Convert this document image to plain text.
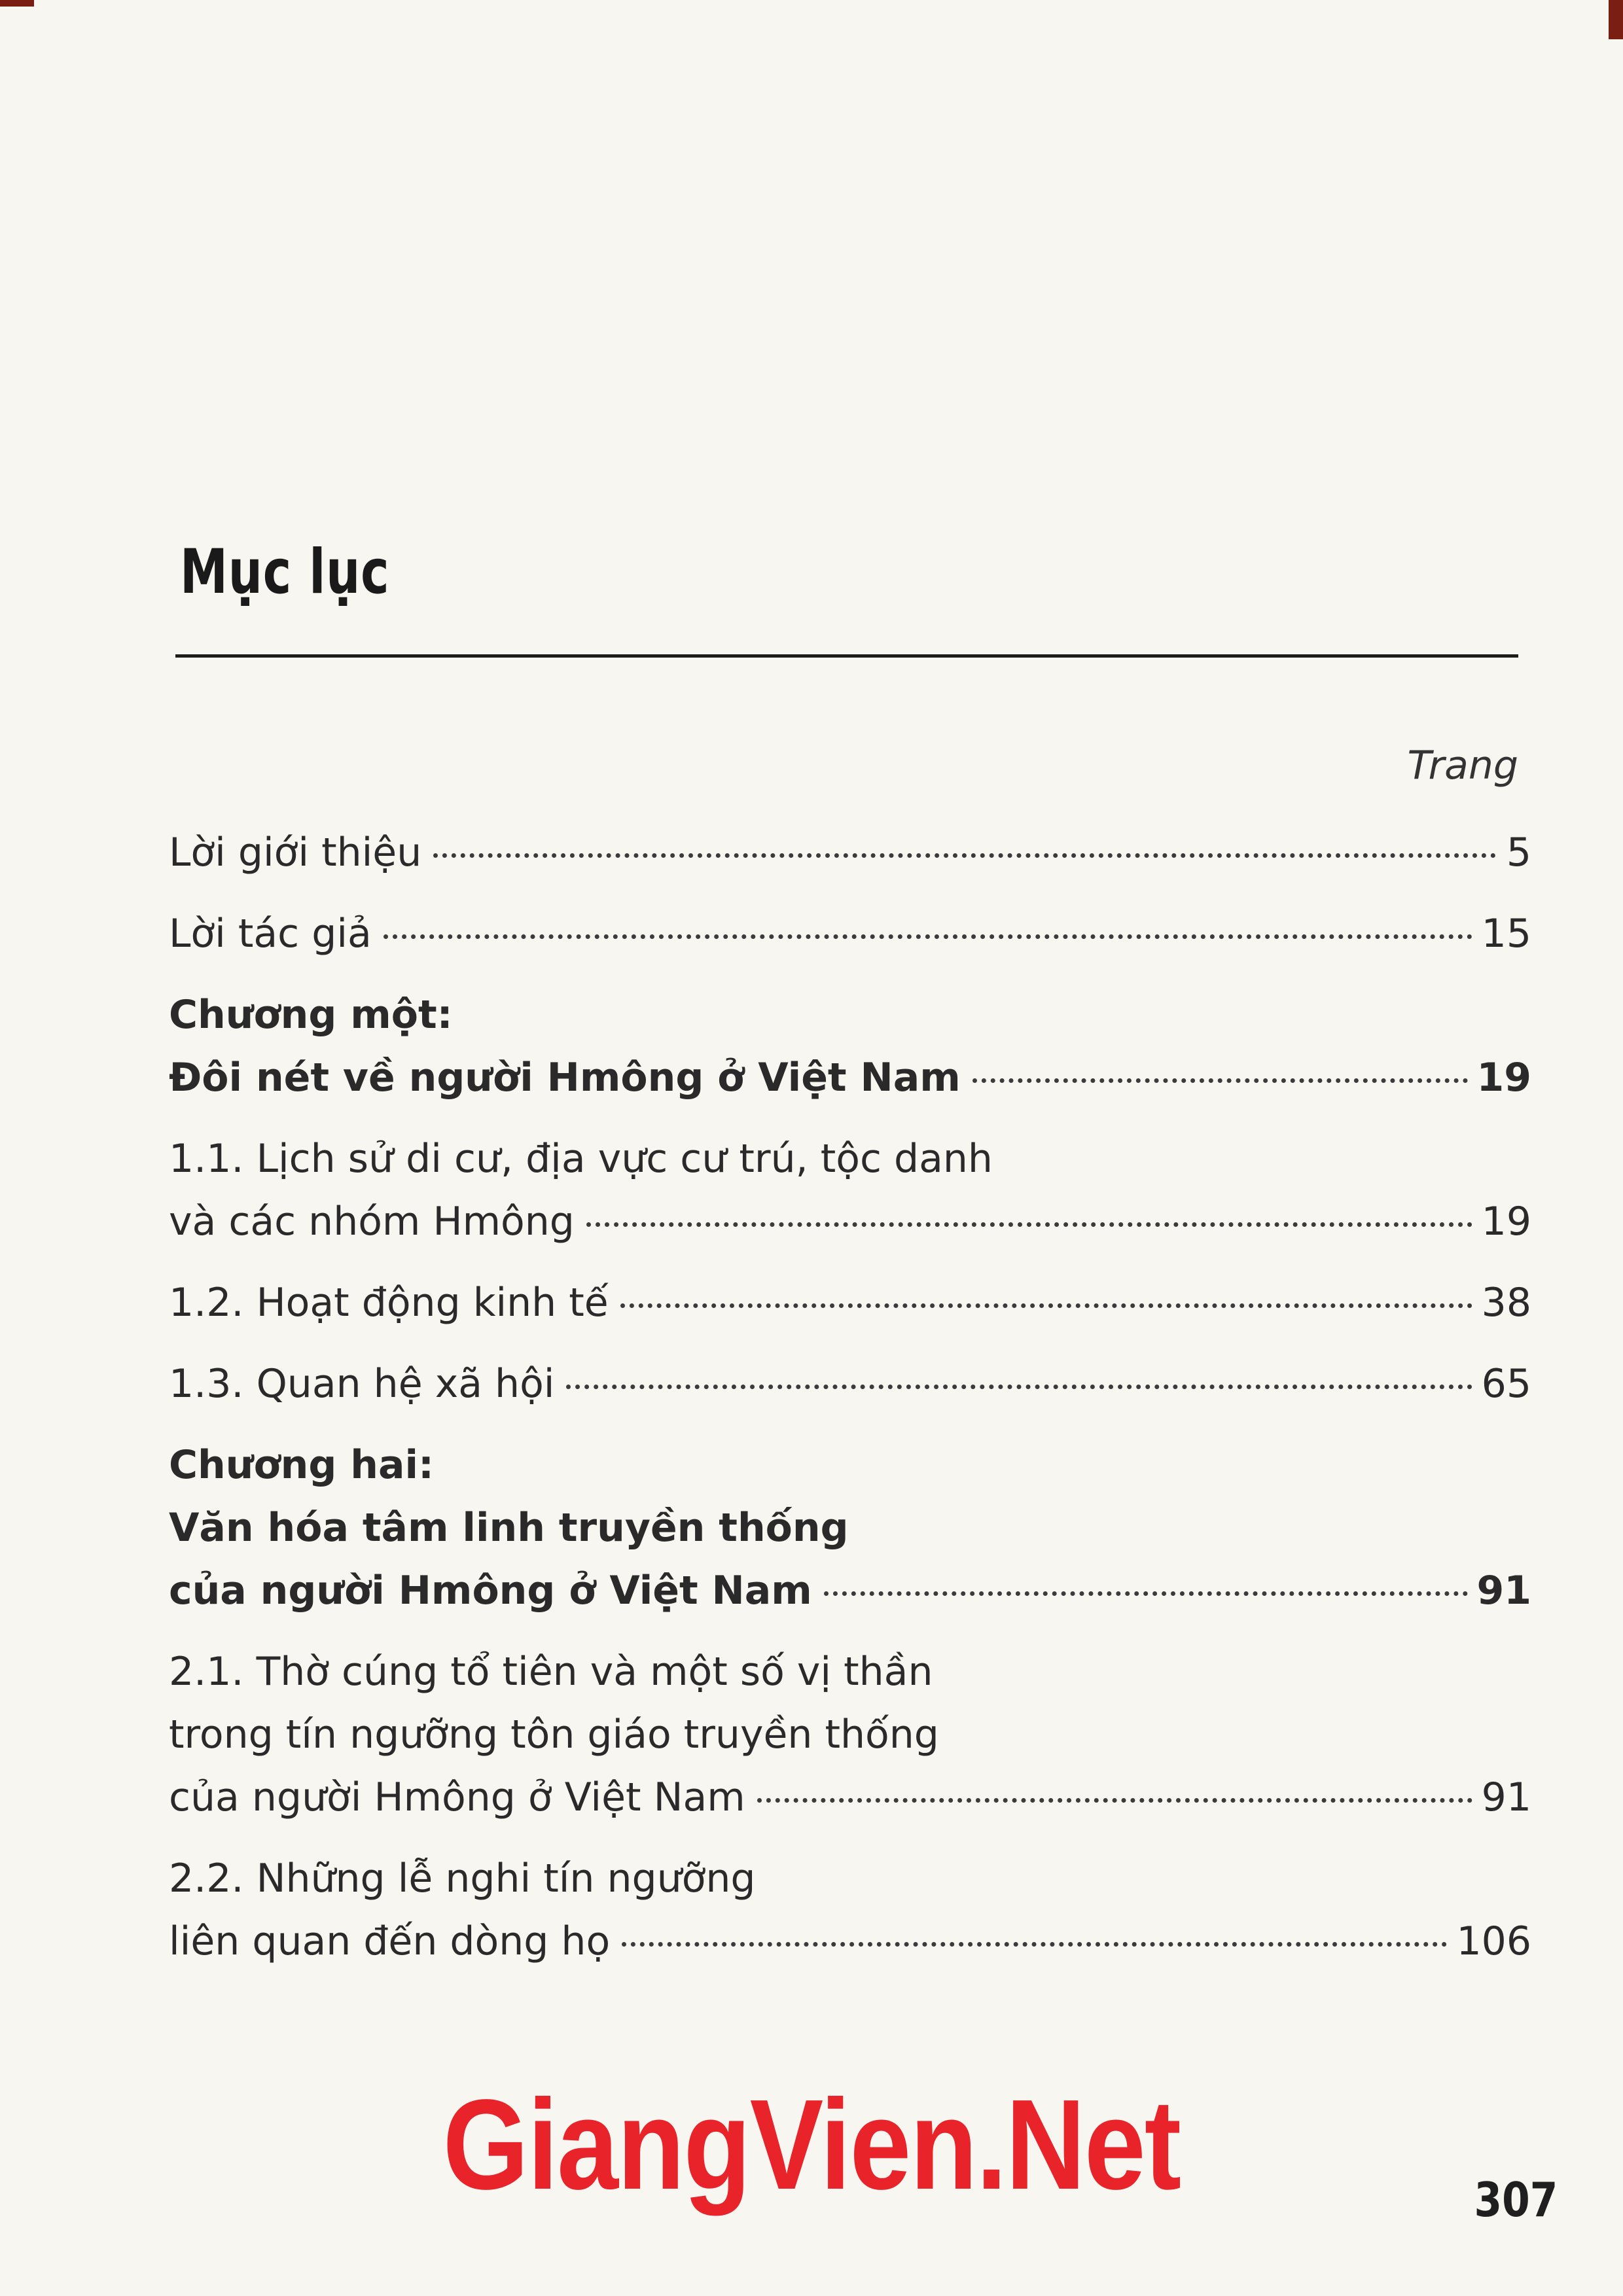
Mục lục
Trang
Lời giới thiệu	5
Lời tác giả	15
Chương một:
Đôi nét về người Hmông ở Việt Nam	19
1.1. Lịch sử di cư, địa vực cư trú, tộc danh
và các nhóm Hmông	19
1.2. Hoạt động kinh tế	38
1.3. Quan hệ xã hội	65
Chương hai:
Văn hóa tâm linh truyền thống
của người Hmông ở Việt Nam	91
2.1. Thờ cúng tổ tiên và một số vị thần
trong tín ngưỡng tôn giáo truyền thống
của người Hmông ở Việt Nam	91
2.2. Những lễ nghi tín ngưỡng
liên quan đến dòng họ	106
GiangVien.Net	307
